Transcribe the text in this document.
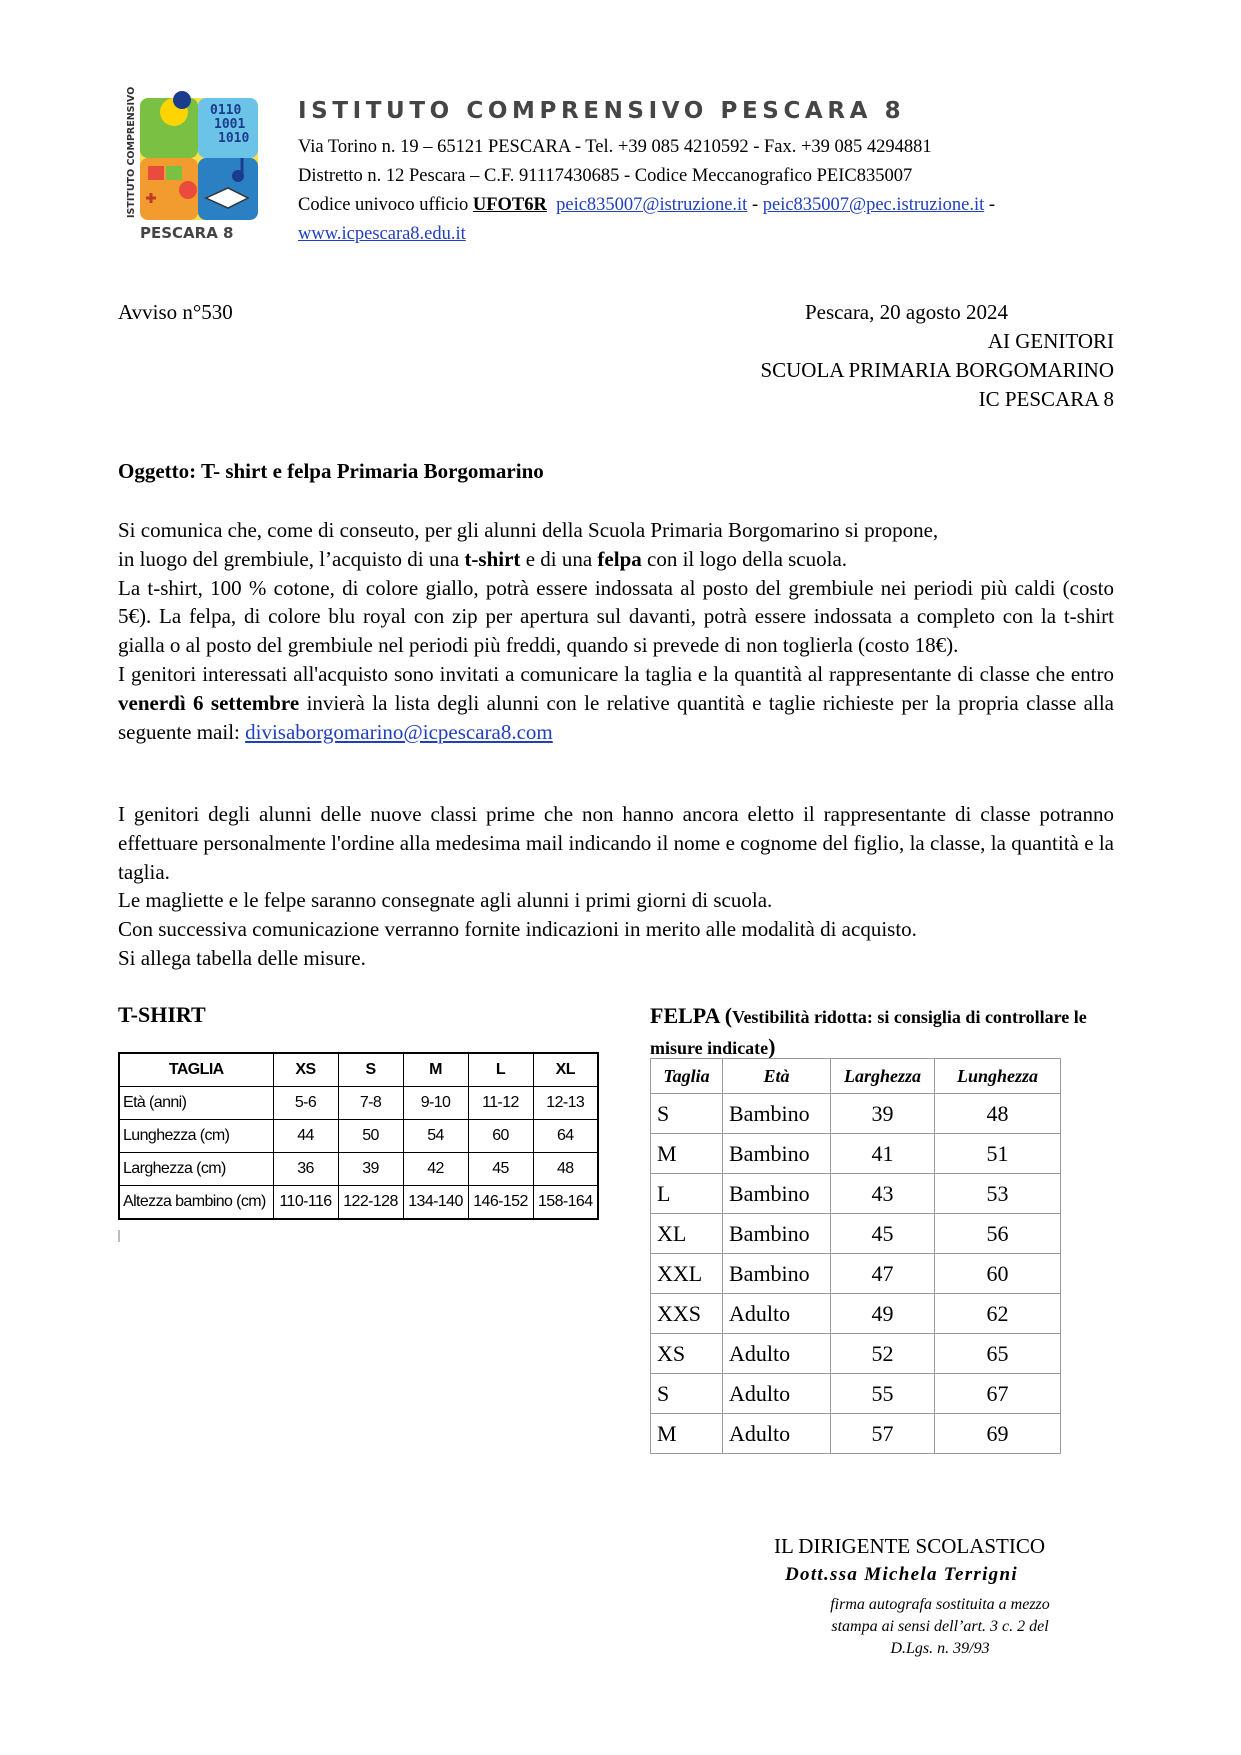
0110
1001
1010
ISTITUTO COMPRENSIVO
PESCARA 8
ISTITUTO COMPRENSIVO PESCARA 8
Via Torino n. 19 – 65121 PESCARA - Tel. +39 085 4210592 - Fax. +39 085 4294881
Distretto n. 12 Pescara – C.F. 91117430685 - Codice Meccanografico PEIC835007
Codice univoco ufficio UFOT6R peic835007@istruzione.it - peic835007@pec.istruzione.it -
www.icpescara8.edu.it
Avviso n°530	Pescara, 20 agosto 2024
AI GENITORI
SCUOLA PRIMARIA BORGOMARINO
IC PESCARA 8
Oggetto: T- shirt e felpa Primaria Borgomarino

Si comunica che, come di conseuto, per gli alunni della Scuola Primaria Borgomarino si propone,

in luogo del grembiule, l’acquisto di una t-shirt e di una felpa con il logo della scuola.

La t-shirt, 100 % cotone, di colore giallo, potrà essere indossata al posto del grembiule nei periodi più caldi (costo 5€). La felpa, di colore blu royal con zip per apertura sul davanti, potrà essere indossata a completo con la t-shirt gialla o al posto del grembiule nel periodi più freddi, quando si prevede di non toglierla (costo 18€).

I genitori interessati all'acquisto sono invitati a comunicare la taglia e la quantità al rappresentante di classe che entro venerdì 6 settembre invierà la lista degli alunni con le relative quantità e taglie richieste per la propria classe alla seguente mail: divisaborgomarino@icpescara8.com

I genitori degli alunni delle nuove classi prime che non hanno ancora eletto il rappresentante di classe potranno effettuare personalmente l'ordine alla medesima mail indicando il nome e cognome del figlio, la classe, la quantità e la taglia.

Le magliette e le felpe saranno consegnate agli alunni i primi giorni di scuola.

Con successiva comunicazione verranno fornite indicazioni in merito alle modalità di acquisto.

Si allega tabella delle misure.

T-SHIRT
TAGLIA	XS	S	M	L	XL
Età (anni)	5-6	7-8	9-10	11-12	12-13
Lunghezza (cm)	44	50	54	60	64
Larghezza (cm)	36	39	42	45	48
Altezza bambino (cm)	110-116	122-128	134-140	146-152	158-164
FELPA (Vestibilità ridotta: si consiglia di controllare le misure indicate)
Taglia	Età	Larghezza	Lunghezza
S	Bambino	39	48
M	Bambino	41	51
L	Bambino	43	53
XL	Bambino	45	56
XXL	Bambino	47	60
XXS	Adulto	49	62
XS	Adulto	52	65
S	Adulto	55	67
M	Adulto	57	69
IL DIRIGENTE SCOLASTICO
Dott.ssa Michela Terrigni
firma autografa sostituita a mezzo
stampa ai sensi dell’art. 3 c. 2 del
D.Lgs. n. 39/93
